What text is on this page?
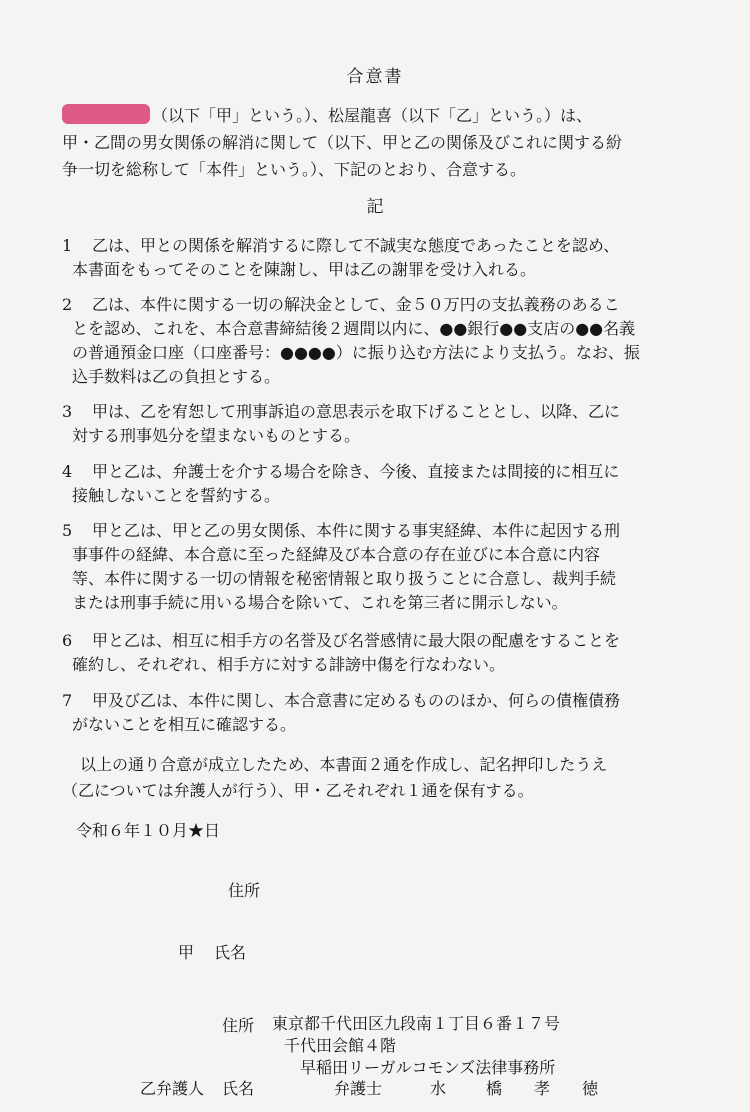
合意書
（以下「甲」という。）、松屋龍喜（以下「乙」という。）は、
甲・乙間の男女関係の解消に関して（以下、甲と乙の関係及びこれに関する紛
争一切を総称して「本件」という。）、下記のとおり、合意する。
記
1 乙は、甲との関係を解消するに際して不誠実な態度であったことを認め、
本書面をもってそのことを陳謝し、甲は乙の謝罪を受け入れる。
2 乙は、本件に関する一切の解決金として、金５０万円の支払義務のあるこ
とを認め、これを、本合意書締結後２週間以内に、●●銀行●●支店の●●名義
の普通預金口座（口座番号：●●●●）に振り込む方法により支払う。なお、振
込手数料は乙の負担とする。
3 甲は、乙を宥恕して刑事訴追の意思表示を取下げることとし、以降、乙に
対する刑事処分を望まないものとする。
4 甲と乙は、弁護士を介する場合を除き、今後、直接または間接的に相互に
接触しないことを誓約する。
5 甲と乙は、甲と乙の男女関係、本件に関する事実経緯、本件に起因する刑
事事件の経緯、本合意に至った経緯及び本合意の存在並びに本合意に内容
等、本件に関する一切の情報を秘密情報と取り扱うことに合意し、裁判手続
または刑事手続に用いる場合を除いて、これを第三者に開示しない。
6 甲と乙は、相互に相手方の名誉及び名誉感情に最大限の配慮をすることを
確約し、それぞれ、相手方に対する誹謗中傷を行なわない。
7 甲及び乙は、本件に関し、本合意書に定めるもののほか、何らの債権債務
がないことを相互に確認する。
以上の通り合意が成立したため、本書面２通を作成し、記名押印したうえ
（乙については弁護人が行う）、甲・乙それぞれ１通を保有する。
令和６年１０月★日
住所
甲 氏名
住所 東京都千代田区九段南１丁目６番１７号
千代田会館４階
早稲田リーガルコモンズ法律事務所
乙弁護人 氏名	弁護士	水 橋 孝 徳
